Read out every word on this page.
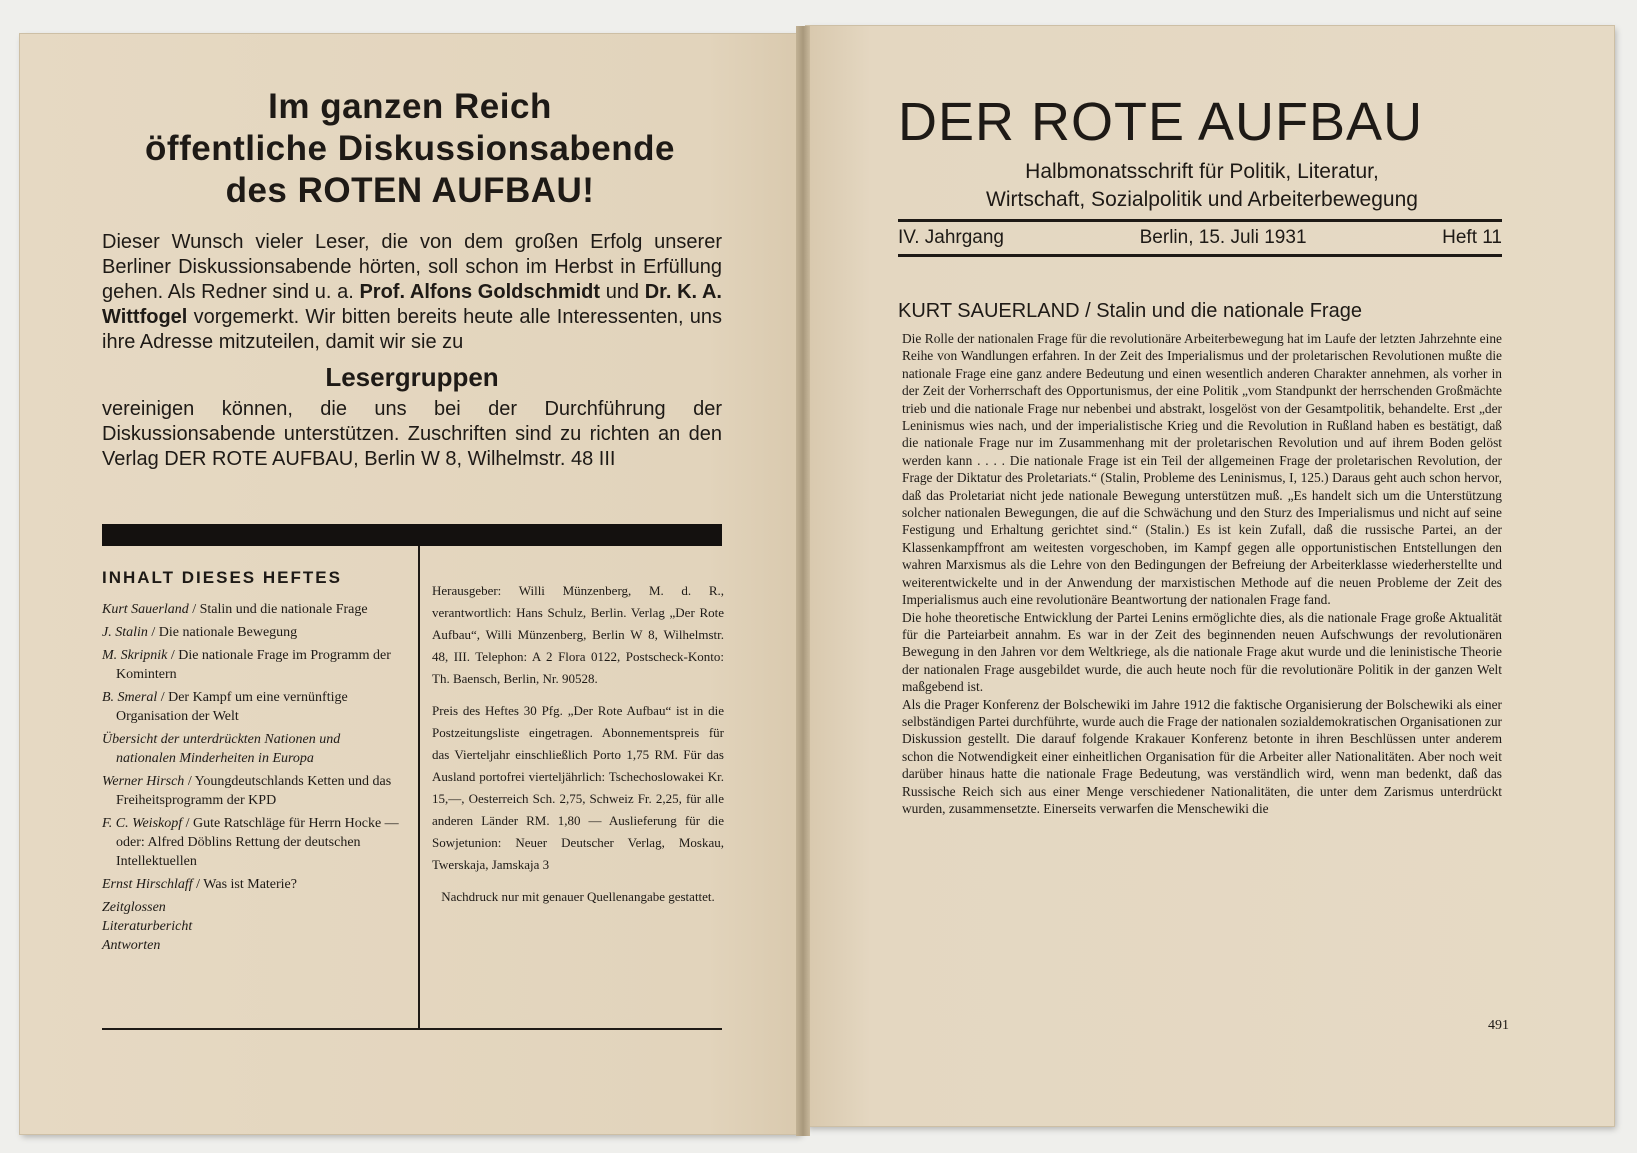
Im ganzen Reich
öffentliche Diskussionsabende
des ROTEN AUFBAU!
Dieser Wunsch vieler Leser, die von dem großen Erfolg unserer Berliner Diskussionsabende hörten, soll schon im Herbst in Erfüllung gehen. Als Redner sind u. a. Prof. Alfons Goldschmidt und Dr. K. A. Wittfogel vorgemerkt. Wir bitten bereits heute alle Interessenten, uns ihre Adresse mitzuteilen, damit wir sie zu
Lesergruppen
vereinigen können, die uns bei der Durchführung der Diskussionsabende unterstützen. Zuschriften sind zu richten an den Verlag DER ROTE AUFBAU, Berlin W 8, Wilhelmstr. 48 III
INHALT DIESES HEFTES
Kurt Sauerland / Stalin und die nationale Frage
J. Stalin / Die nationale Bewegung
M. Skripnik / Die nationale Frage im Programm der Komintern
B. Smeral / Der Kampf um eine vernünftige Organisation der Welt
Übersicht der unterdrückten Nationen und nationalen Minderheiten in Europa
Werner Hirsch / Youngdeutschlands Ketten und das Freiheitsprogramm der KPD
F. C. Weiskopf / Gute Ratschläge für Herrn Hocke — oder: Alfred Döblins Rettung der deutschen Intellektuellen
Ernst Hirschlaff / Was ist Materie?
Zeitglossen
Literaturbericht
Antworten

Herausgeber: Willi Münzenberg, M. d. R., verantwortlich: Hans Schulz, Berlin. Verlag „Der Rote Aufbau“, Willi Münzenberg, Berlin W 8, Wilhelmstr. 48, III. Telephon: A 2 Flora 0122, Postscheck-Konto: Th. Baensch, Berlin, Nr. 90528.

Preis des Heftes 30 Pfg. „Der Rote Aufbau“ ist in die Postzeitungsliste eingetragen. Abonnementspreis für das Vierteljahr einschließlich Porto 1,75 RM. Für das Ausland portofrei vierteljährlich: Tschechoslowakei Kr. 15,—, Oesterreich Sch. 2,75, Schweiz Fr. 2,25, für alle anderen Länder RM. 1,80 — Auslieferung für die Sowjetunion: Neuer Deutscher Verlag, Moskau, Twerskaja, Jamskaja 3

Nachdruck nur mit genauer Quellenangabe gestattet.

DER ROTE AUFBAU
Halbmonatsschrift für Politik, Literatur,
Wirtschaft, Sozialpolitik und Arbeiterbewegung
IV. Jahrgang	Berlin, 15. Juli 1931	Heft 11
KURT SAUERLAND / Stalin und die nationale Frage

Die Rolle der nationalen Frage für die revolutionäre Arbeiterbewegung hat im Laufe der letzten Jahrzehnte eine Reihe von Wandlungen erfahren. In der Zeit des Imperialismus und der proletarischen Revolutionen mußte die nationale Frage eine ganz andere Bedeutung und einen wesentlich anderen Charakter annehmen, als vorher in der Zeit der Vorherrschaft des Opportunismus, der eine Politik „vom Standpunkt der herrschenden Großmächte trieb und die nationale Frage nur nebenbei und abstrakt, losgelöst von der Gesamtpolitik, behandelte. Erst „der Leninismus wies nach, und der imperialistische Krieg und die Revolution in Rußland haben es bestätigt, daß die nationale Frage nur im Zusammenhang mit der proletarischen Revolution und auf ihrem Boden gelöst werden kann . . . . Die nationale Frage ist ein Teil der allgemeinen Frage der proletarischen Revolution, der Frage der Diktatur des Proletariats.“ (Stalin, Probleme des Leninismus, I, 125.) Daraus geht auch schon hervor, daß das Proletariat nicht jede nationale Bewegung unterstützen muß. „Es handelt sich um die Unterstützung solcher nationalen Bewegungen, die auf die Schwächung und den Sturz des Imperialismus und nicht auf seine Festigung und Erhaltung gerichtet sind.“ (Stalin.) Es ist kein Zufall, daß die russische Partei, an der Klassenkampffront am weitesten vorgeschoben, im Kampf gegen alle opportunistischen Entstellungen den wahren Marxismus als die Lehre von den Bedingungen der Befreiung der Arbeiterklasse wiederherstellte und weiterentwickelte und in der Anwendung der marxistischen Methode auf die neuen Probleme der Zeit des Imperialismus auch eine revolutionäre Beantwortung der nationalen Frage fand.

Die hohe theoretische Entwicklung der Partei Lenins ermöglichte dies, als die nationale Frage große Aktualität für die Parteiarbeit annahm. Es war in der Zeit des beginnenden neuen Aufschwungs der revolutionären Bewegung in den Jahren vor dem Weltkriege, als die nationale Frage akut wurde und die leninistische Theorie der nationalen Frage ausgebildet wurde, die auch heute noch für die revolutionäre Politik in der ganzen Welt maßgebend ist.

Als die Prager Konferenz der Bolschewiki im Jahre 1912 die faktische Organisierung der Bolschewiki als einer selbständigen Partei durchführte, wurde auch die Frage der nationalen sozialdemokratischen Organisationen zur Diskussion gestellt. Die darauf folgende Krakauer Konferenz betonte in ihren Beschlüssen unter anderem schon die Notwendigkeit einer einheitlichen Organisation für die Arbeiter aller Nationalitäten. Aber noch weit darüber hinaus hatte die nationale Frage Bedeutung, was verständlich wird, wenn man bedenkt, daß das Russische Reich sich aus einer Menge verschiedener Nationalitäten, die unter dem Zarismus unterdrückt wurden, zusammensetzte. Einerseits verwarfen die Menschewiki die

491
